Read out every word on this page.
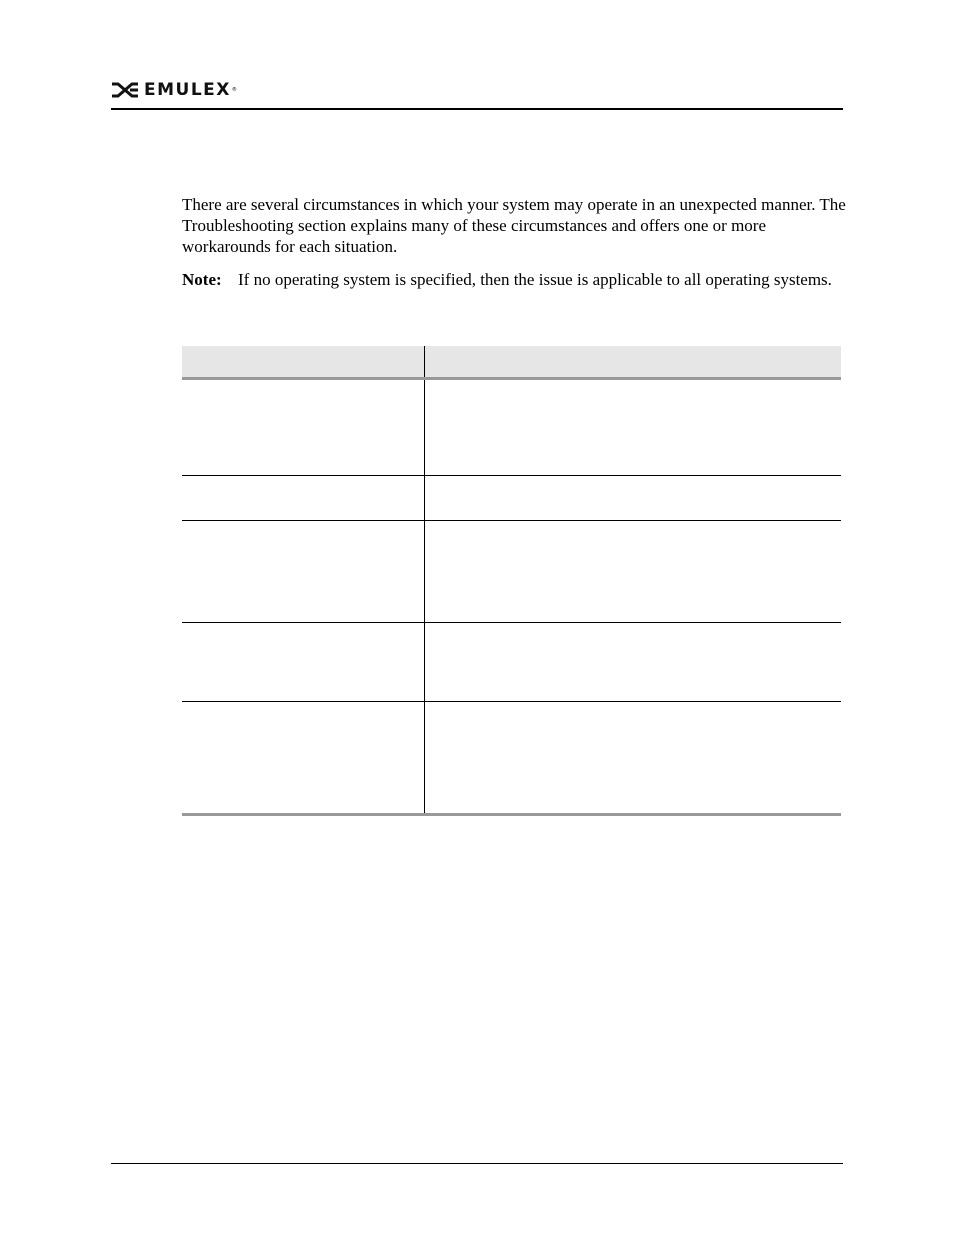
EMULEX ®

There are several circumstances in which your system may operate in an unexpected manner. The Troubleshooting section explains many of these circumstances and offers one or more workarounds for each situation.

Note: If no operating system is specified, then the issue is applicable to all operating systems.
